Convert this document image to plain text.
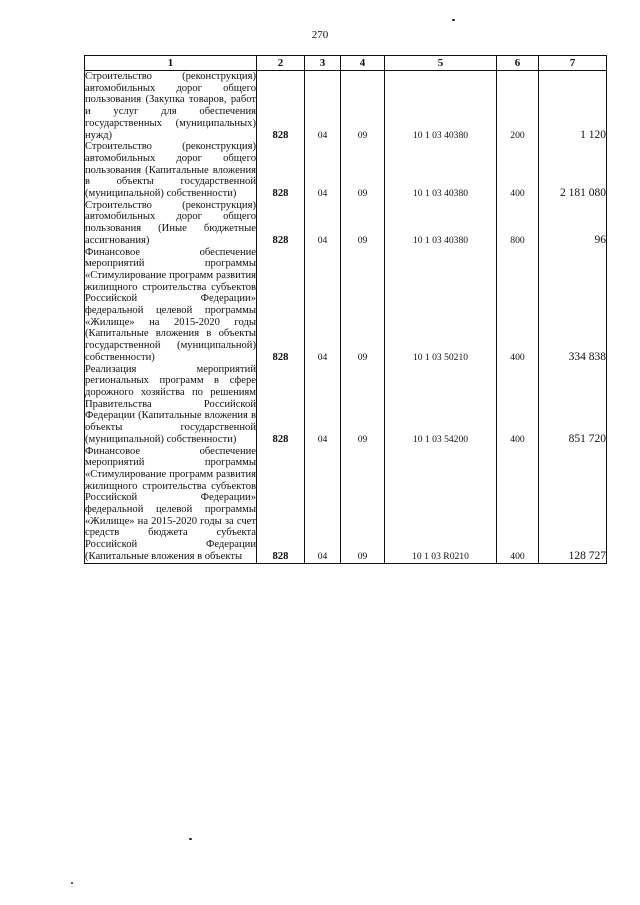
270
1	2	3	4	5	6	7
Строительство (реконструкция) автомобильных дорог общего пользования (Закупка товаров, работ и услуг для обеспечения государственных (муниципальных) нужд)	828	04	09	10 1 03 40380	200	1 120
Строительство (реконструкция) автомобильных дорог общего пользования (Капитальные вложения в объекты государственной (муниципальной) собственности)	828	04	09	10 1 03 40380	400	2 181 080
Строительство (реконструкция) автомобильных дорог общего пользования (Иные бюджетные ассигнования)	828	04	09	10 1 03 40380	800	96
Финансовое обеспечение мероприятий программы «Стимулирование программ развития жилищного строительства субъектов Российской Федерации» федеральной целевой программы «Жилище» на 2015-2020 годы (Капитальные вложения в объекты государственной (муниципальной) собственности)	828	04	09	10 1 03 50210	400	334 838
Реализация мероприятий региональных программ в сфере дорожного хозяйства по решениям Правительства Российской Федерации (Капитальные вложения в объекты государственной (муниципальной) собственности)	828	04	09	10 1 03 54200	400	851 720
Финансовое обеспечение мероприятий программы «Стимулирование программ развития жилищного строительства субъектов Российской Федерации» федеральной целевой программы «Жилище» на 2015-2020 годы за счет средств бюджета субъекта Российской Федерации (Капитальные вложения в объекты	828	04	09	10 1 03 R0210	400	128 727
